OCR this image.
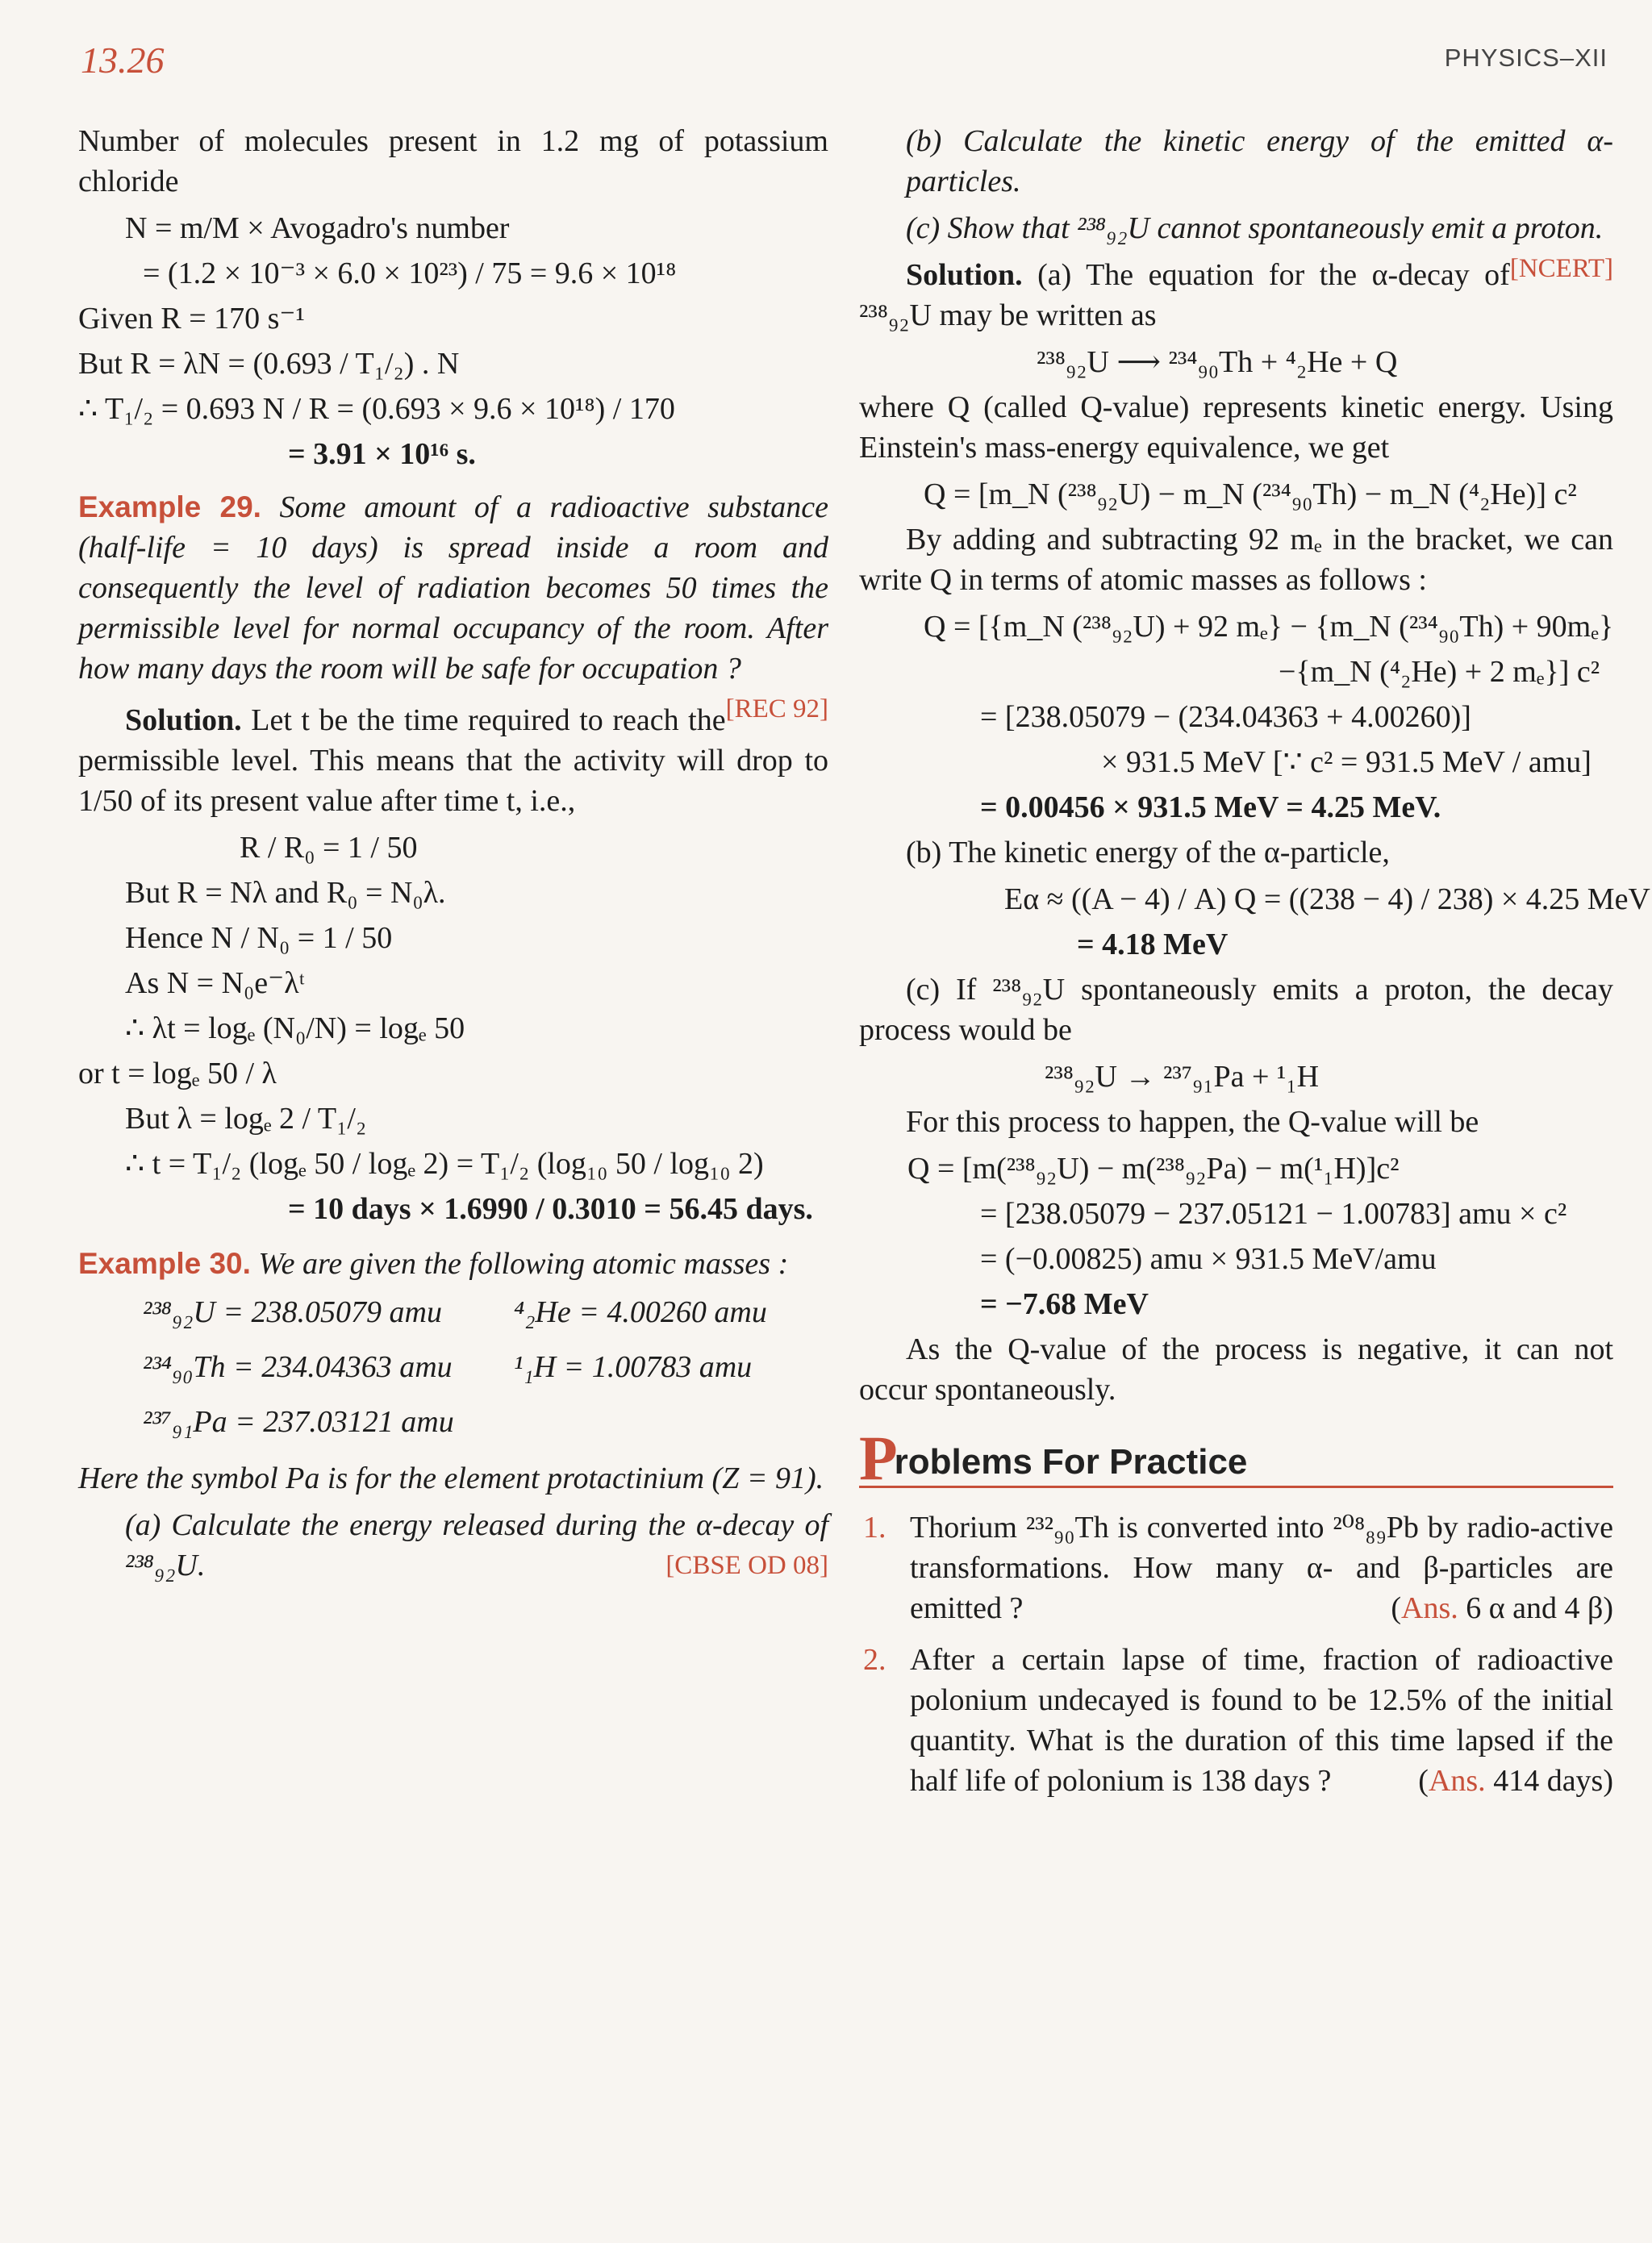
13.26	PHYSICS–XII

Number of molecules present in 1.2 mg of potassium chloride

N = m/M × Avogadro's number
= (1.2 × 10⁻³ × 6.0 × 10²³) / 75 = 9.6 × 10¹⁸
Given R = 170 s⁻¹
But R = λN = (0.693 / T₁/₂) . N
∴ T₁/₂ = 0.693 N / R = (0.693 × 9.6 × 10¹⁸) / 170
= 3.91 × 10¹⁶ s.

Example 29. Some amount of a radioactive substance (half-life = 10 days) is spread inside a room and consequently the level of radiation becomes 50 times the permissible level for normal occupancy of the room. After how many days the room will be safe for occupation ?
[REC 92]

Solution. Let t be the time required to reach the permissible level. This means that the activity will drop to 1/50 of its present value after time t, i.e.,

R / R₀ = 1 / 50
But R = Nλ and R₀ = N₀λ.
Hence N / N₀ = 1 / 50
As N = N₀e⁻λᵗ
∴ λt = logₑ (N₀/N) = logₑ 50
or t = logₑ 50 / λ
But λ = logₑ 2 / T₁/₂
∴ t = T₁/₂ (logₑ 50 / logₑ 2) = T₁/₂ (log₁₀ 50 / log₁₀ 2)
= 10 days × 1.6990 / 0.3010 = 56.45 days.

Example 30. We are given the following atomic masses :

²³⁸₉₂U = 238.05079 amu	⁴₂He = 4.00260 amu
²³⁴₉₀Th = 234.04363 amu	¹₁H = 1.00783 amu
²³⁷₉₁Pa = 237.03121 amu

Here the symbol Pa is for the element protactinium (Z = 91).

(a) Calculate the energy released during the α-decay of ²³⁸₉₂U.	[CBSE OD 08]

(b) Calculate the kinetic energy of the emitted α-particles.

(c) Show that ²³⁸₉₂U cannot spontaneously emit a proton.
[NCERT]

Solution. (a) The equation for the α-decay of ²³⁸₉₂U may be written as

²³⁸₉₂U ⟶ ²³⁴₉₀Th + ⁴₂He + Q

where Q (called Q-value) represents kinetic energy. Using Einstein's mass-energy equivalence, we get

Q = [m_N (²³⁸₉₂U) − m_N (²³⁴₉₀Th) − m_N (⁴₂He)] c²

By adding and subtracting 92 mₑ in the bracket, we can write Q in terms of atomic masses as follows :

Q = [{m_N (²³⁸₉₂U) + 92 mₑ} − {m_N (²³⁴₉₀Th) + 90mₑ}
−{m_N (⁴₂He) + 2 mₑ}] c²
= [238.05079 − (234.04363 + 4.00260)]
× 931.5 MeV [∵ c² = 931.5 MeV / amu]
= 0.00456 × 931.5 MeV = 4.25 MeV.

(b) The kinetic energy of the α-particle,

Eα ≈ ((A − 4) / A) Q = ((238 − 4) / 238) × 4.25 MeV
= 4.18 MeV

(c) If ²³⁸₉₂U spontaneously emits a proton, the decay process would be

²³⁸₉₂U → ²³⁷₉₁Pa + ¹₁H

For this process to happen, the Q-value will be

Q = [m(²³⁸₉₂U) − m(²³⁸₉₂Pa) − m(¹₁H)]c²
= [238.05079 − 237.05121 − 1.00783] amu × c²
= (−0.00825) amu × 931.5 MeV/amu
= −7.68 MeV

As the Q-value of the process is negative, it can not occur spontaneously.

P
roblems For Practice
1. Thorium ²³²₉₀Th is converted into ²⁰⁸₈₉Pb by radio-active transformations. How many α- and β-particles are emitted ?	(Ans. 6 α and 4 β)
2. After a certain lapse of time, fraction of radioactive polonium undecayed is found to be 12.5% of the initial quantity. What is the duration of this time lapsed if the half life of polonium is 138 days ?	(Ans. 414 days)
